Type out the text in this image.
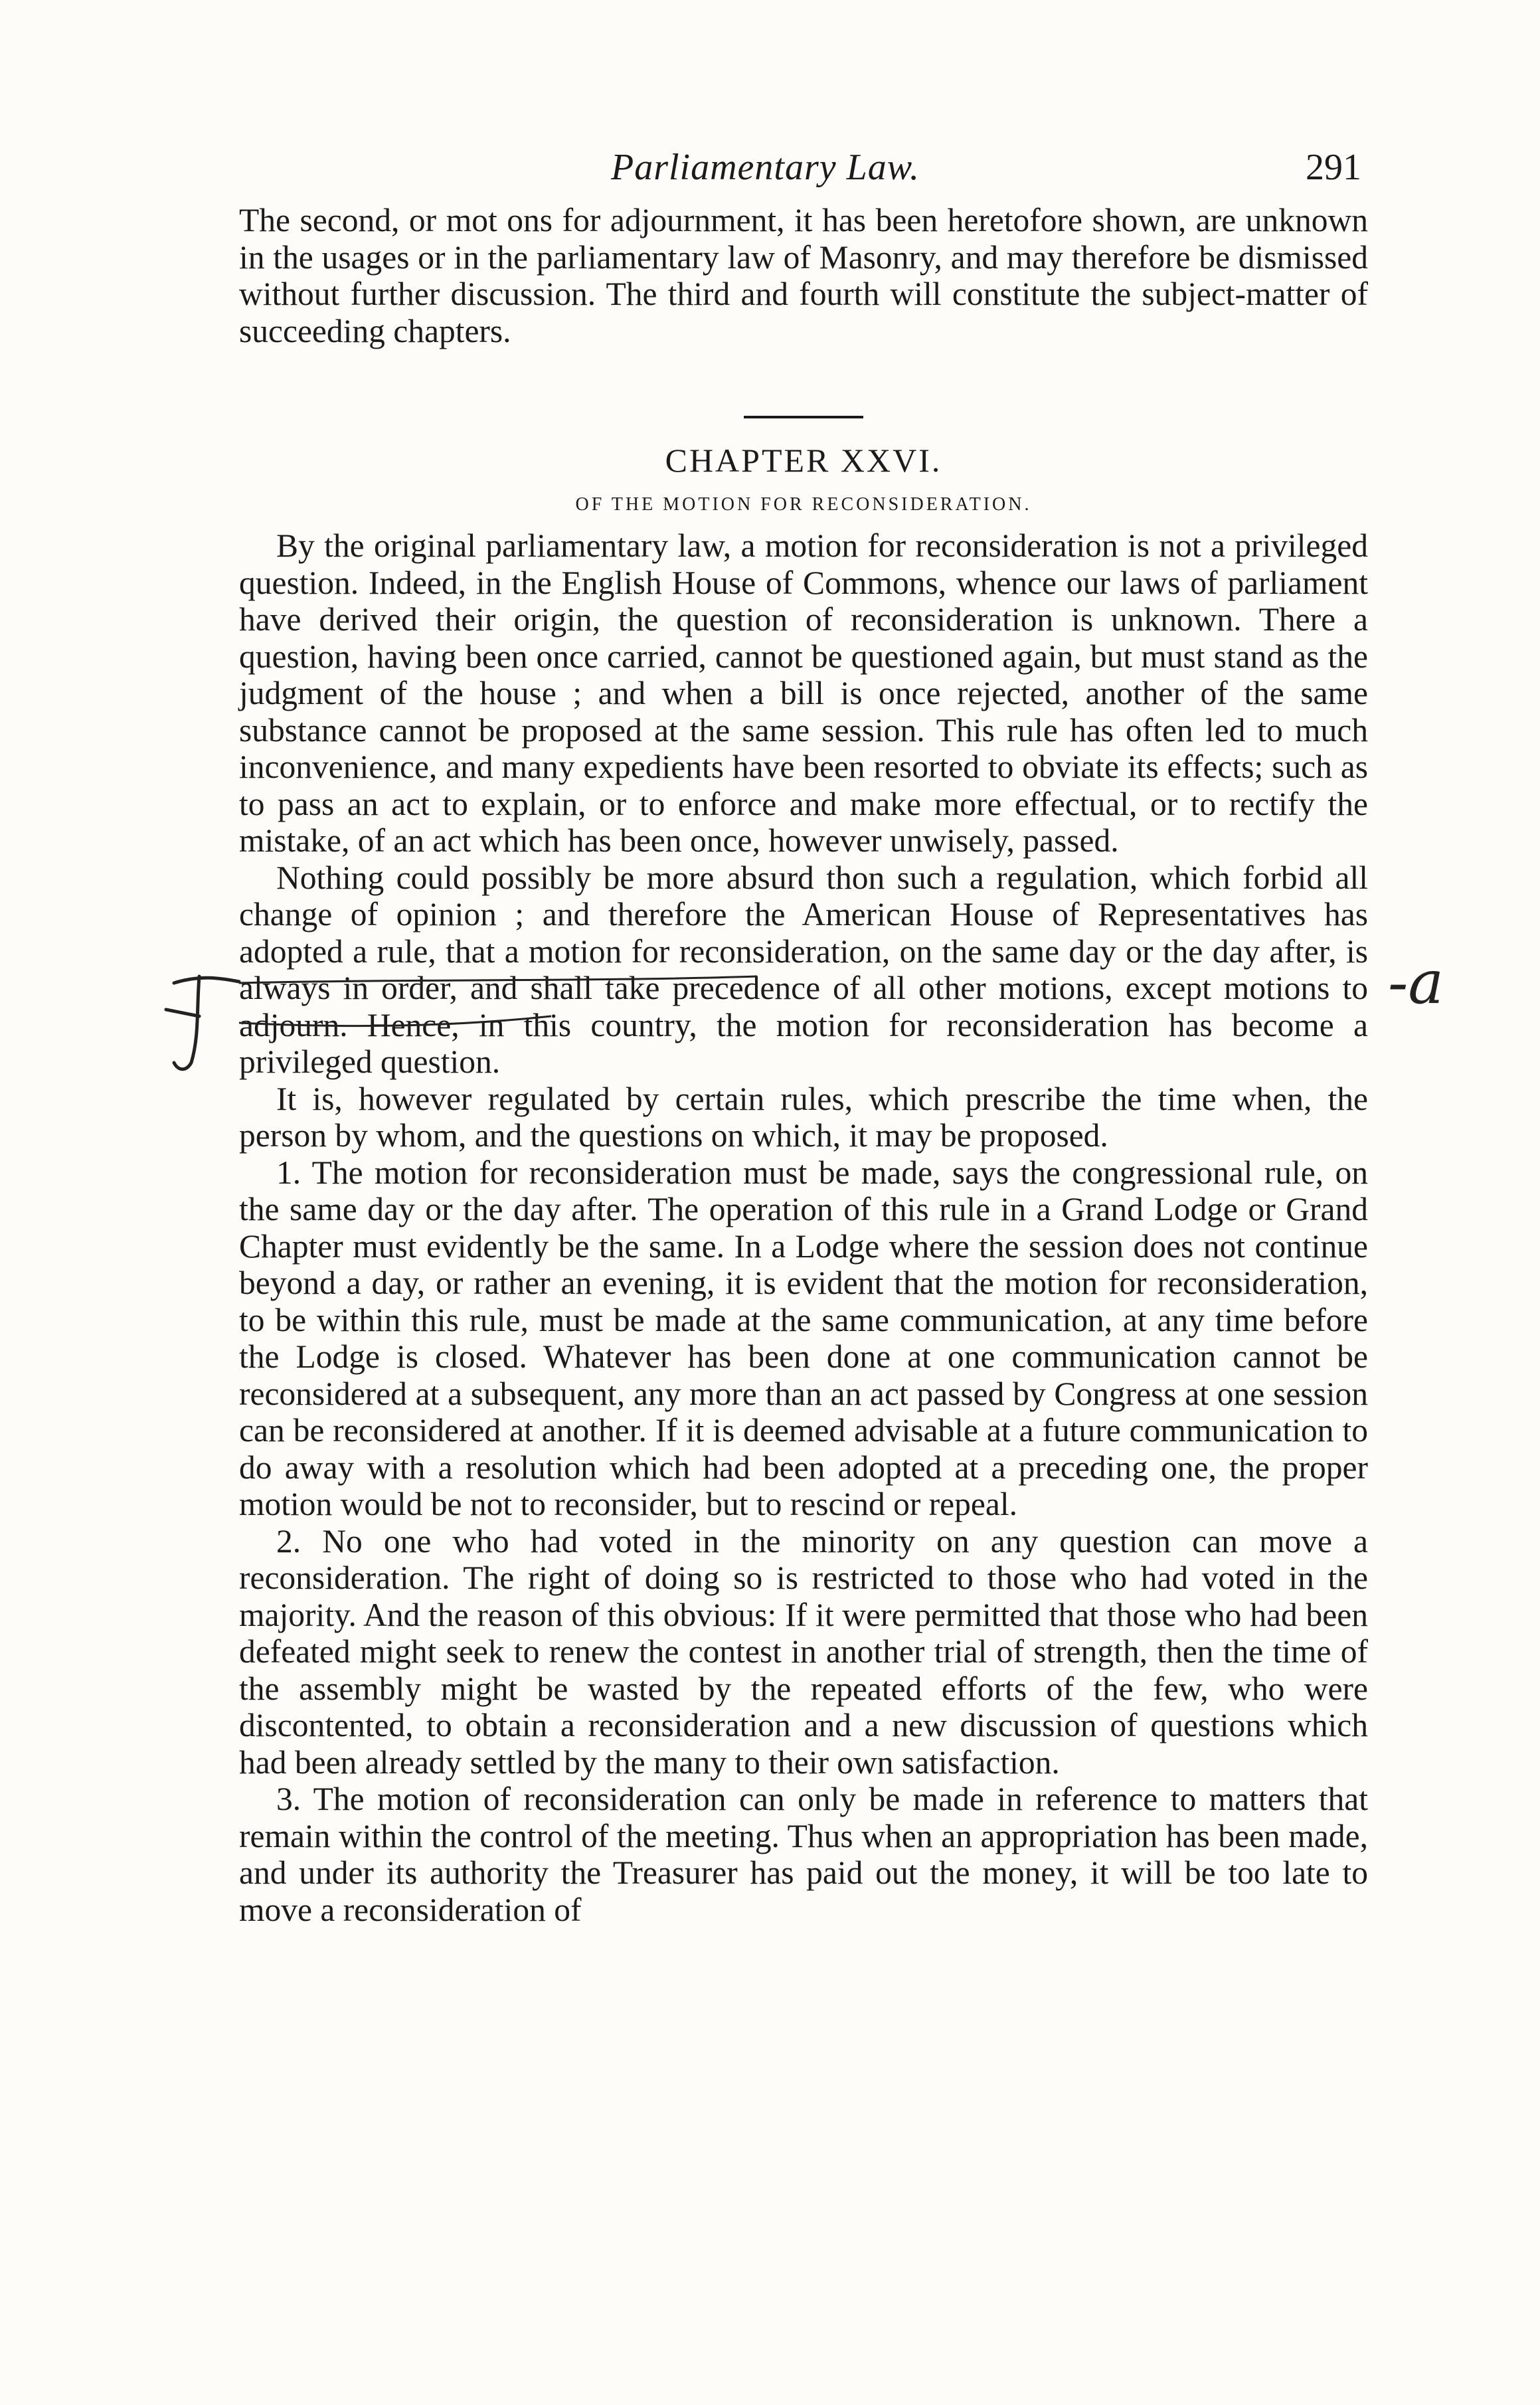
Parliamentary Law.	291

The second, or mot ons for adjournment, it has been heretofore shown, are unknown in the usages or in the parliamentary law of Masonry, and may therefore be dismissed without further discussion. The third and fourth will constitute the subject-matter of succeeding chapters.

CHAPTER XXVI.
OF THE MOTION FOR RECONSIDERATION.

By the original parliamentary law, a motion for reconsideration is not a privileged question. Indeed, in the English House of Commons, whence our laws of parliament have derived their origin, the question of reconsideration is unknown. There a question, having been once carried, cannot be questioned again, but must stand as the judgment of the house ; and when a bill is once rejected, another of the same substance cannot be proposed at the same session. This rule has often led to much inconvenience, and many expedients have been resorted to obviate its effects; such as to pass an act to explain, or to enforce and make more effectual, or to rectify the mistake, of an act which has been once, however unwisely, passed.

Nothing could possibly be more absurd thon such a regulation, which forbid all change of opinion ; and therefore the American House of Representatives has adopted a rule, that a motion for reconsideration, on the same day or the day after, is always in order, and shall take precedence of all other motions, except motions to adjourn. Hence, in this country, the motion for reconsideration has become a privileged question.

It is, however regulated by certain rules, which prescribe the time when, the person by whom, and the questions on which, it may be proposed.

1. The motion for reconsideration must be made, says the congressional rule, on the same day or the day after. The operation of this rule in a Grand Lodge or Grand Chapter must evidently be the same. In a Lodge where the session does not continue beyond a day, or rather an evening, it is evident that the motion for reconsideration, to be within this rule, must be made at the same communication, at any time before the Lodge is closed. Whatever has been done at one communication cannot be reconsidered at a subsequent, any more than an act passed by Congress at one session can be reconsidered at another. If it is deemed advisable at a future communication to do away with a resolution which had been adopted at a preceding one, the proper motion would be not to reconsider, but to rescind or repeal.

2. No one who had voted in the minority on any question can move a reconsideration. The right of doing so is restricted to those who had voted in the majority. And the reason of this obvious: If it were permitted that those who had been defeated might seek to renew the contest in another trial of strength, then the time of the assembly might be wasted by the repeated efforts of the few, who were discontented, to obtain a reconsideration and a new discussion of questions which had been already settled by the many to their own satisfaction.

3. The motion of reconsideration can only be made in reference to matters that remain within the control of the meeting. Thus when an appropriation has been made, and under its authority the Treasurer has paid out the money, it will be too late to move a reconsideration of

-a
